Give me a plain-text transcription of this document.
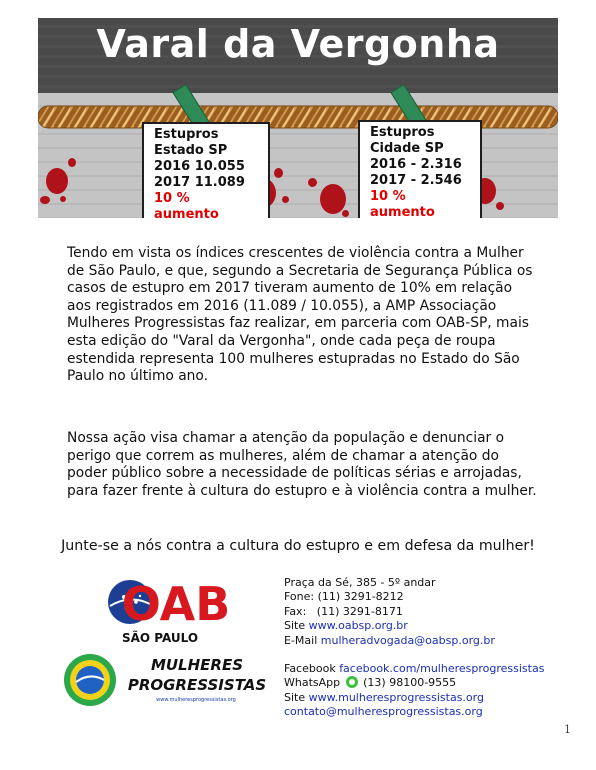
Varal da Vergonha
Estupros
Estado SP
2016 10.055
2017 11.089
10 % aumento
Estupros
Cidade SP
2016 - 2.316
2017 - 2.546
10 % aumento
Tendo em vista os índices crescentes de violência contra a Mulher de São Paulo, e que, segundo a Secretaria de Segurança Pública os casos de estupro em 2017 tiveram aumento de 10% em relação aos registrados em 2016 (11.089 / 10.055), a AMP Associação Mulheres Progressistas faz realizar, em parceria com OAB-SP, mais esta edição do "Varal da Vergonha", onde cada peça de roupa estendida representa 100 mulheres estupradas no Estado do São Paulo no último ano.
Nossa ação visa chamar a atenção da população e denunciar o perigo que correm as mulheres, além de chamar a atenção do poder público sobre a necessidade de políticas sérias e arrojadas, para fazer frente à cultura do estupro e à violência contra a mulher.
Junte-se a nós contra a cultura do estupro e em defesa da mulher!
OAB
SÃO PAULO
MULHERES
PROGRESSISTAS
www.mulheresprogressistas.org
Praça da Sé, 385 - 5º andar
Fone: (11) 3291-8212
Fax: (11) 3291-8171
Site www.oabsp.org.br
E-Mail mulheradvogada@oabsp.org.br
Facebook facebook.com/mulheresprogressistas
WhatsApp (13) 98100-9555
Site www.mulheresprogressistas.org
contato@mulheresprogressistas.org
1
